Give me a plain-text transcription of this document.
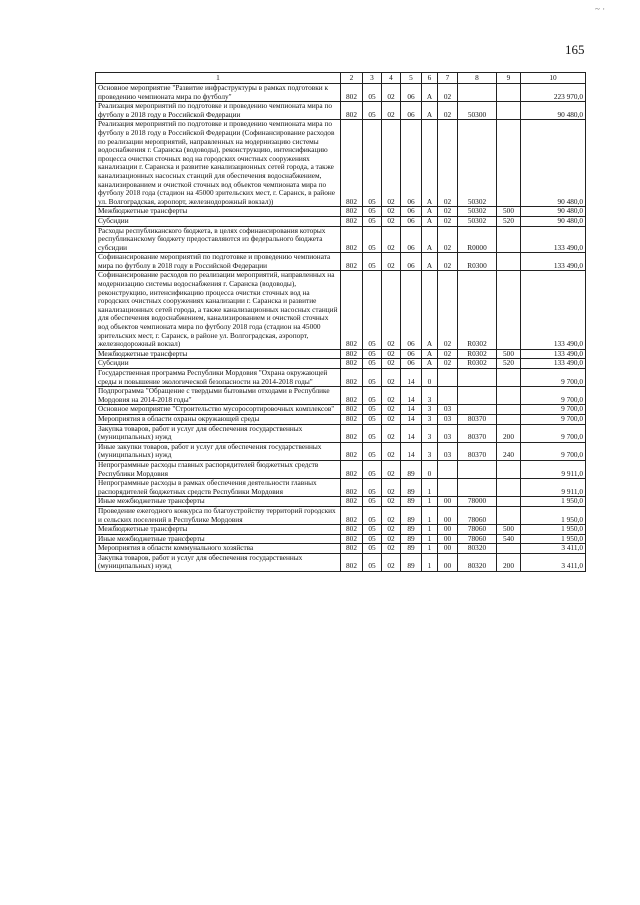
~ ·
165
1	2	3	4	5	6	7	8	9	10
Основное мероприятие "Развитие инфраструктуры в рамках подготовки к проведению чемпионата мира по футболу"	802	05	02	06	А	02			223 970,0
Реализация мероприятий по подготовке и проведению чемпионата мира по футболу в 2018 году в Российской Федерации	802	05	02	06	А	02	50300		90 480,0
Реализация мероприятий по подготовке и проведению чемпионата мира по футболу в 2018 году в Российской Федерации (Софинансирование расходов по реализации мероприятий, направленных на модернизацию системы водоснабжения г. Саранска (водоводы), реконструкцию, интенсификацию процесса очистки сточных вод на городских очистных сооружениях канализации г. Саранска и развитие канализационных сетей города, а также канализационных насосных станций для обеспечения водоснабжением, канализированием и очисткой сточных вод объектов чемпионата мира по футболу 2018 года (стадион на 45000 зрительских мест, г. Саранск, в районе ул. Волгоградская, аэропорт, железнодорожный вокзал))	802	05	02	06	А	02	50302		90 480,0
Межбюджетные трансферты	802	05	02	06	А	02	50302	500	90 480,0
Субсидии	802	05	02	06	А	02	50302	520	90 480,0
Расходы республиканского бюджета, в целях софинансирования которых республиканскому бюджету предоставляются из федерального бюджета субсидии	802	05	02	06	А	02	R0000		133 490,0
Софинансирование мероприятий по подготовке и проведению чемпионата мира по футболу в 2018 году в Российской Федерации	802	05	02	06	А	02	R0300		133 490,0
Софинансирование расходов по реализации мероприятий, направленных на модернизацию системы водоснабжения г. Саранска (водоводы), реконструкцию, интенсификацию процесса очистки сточных вод на городских очистных сооружениях канализации г. Саранска и развитие канализационных сетей города, а также канализационных насосных станций для обеспечения водоснабжением, канализированием и очисткой сточных вод объектов чемпионата мира по футболу 2018 года (стадион на 45000 зрительских мест, г. Саранск, в районе ул. Волгоградская, аэропорт, железнодорожный вокзал)	802	05	02	06	А	02	R0302		133 490,0
Межбюджетные трансферты	802	05	02	06	А	02	R0302	500	133 490,0
Субсидии	802	05	02	06	А	02	R0302	520	133 490,0
Государственная программа Республики Мордовия "Охрана окружающей среды и повышение экологической безопасности на 2014-2018 годы"	802	05	02	14	0				9 700,0
Подпрограмма "Обращение с твердыми бытовыми отходами в Республике Мордовия на 2014-2018 годы"	802	05	02	14	3				9 700,0
Основное мероприятие "Строительство мусоросортировочных комплексов"	802	05	02	14	3	03			9 700,0
Мероприятия в области охраны окружающей среды	802	05	02	14	3	03	80370		9 700,0
Закупка товаров, работ и услуг для обеспечения государственных (муниципальных) нужд	802	05	02	14	3	03	80370	200	9 700,0
Иные закупки товаров, работ и услуг для обеспечения государственных (муниципальных) нужд	802	05	02	14	3	03	80370	240	9 700,0
Непрограммные расходы главных распорядителей бюджетных средств Республики Мордовия	802	05	02	89	0				9 911,0
Непрограммные расходы в рамках обеспечения деятельности главных распорядителей бюджетных средств Республики Мордовия	802	05	02	89	1				9 911,0
Иные межбюджетные трансферты	802	05	02	89	1	00	78000		1 950,0
Проведение ежегодного конкурса по благоустройству территорий городских и сельских поселений в Республике Мордовия	802	05	02	89	1	00	78060		1 950,0
Межбюджетные трансферты	802	05	02	89	1	00	78060	500	1 950,0
Иные межбюджетные трансферты	802	05	02	89	1	00	78060	540	1 950,0
Мероприятия в области коммунального хозяйства	802	05	02	89	1	00	80320		3 411,0
Закупка товаров, работ и услуг для обеспечения государственных (муниципальных) нужд	802	05	02	89	1	00	80320	200	3 411,0
